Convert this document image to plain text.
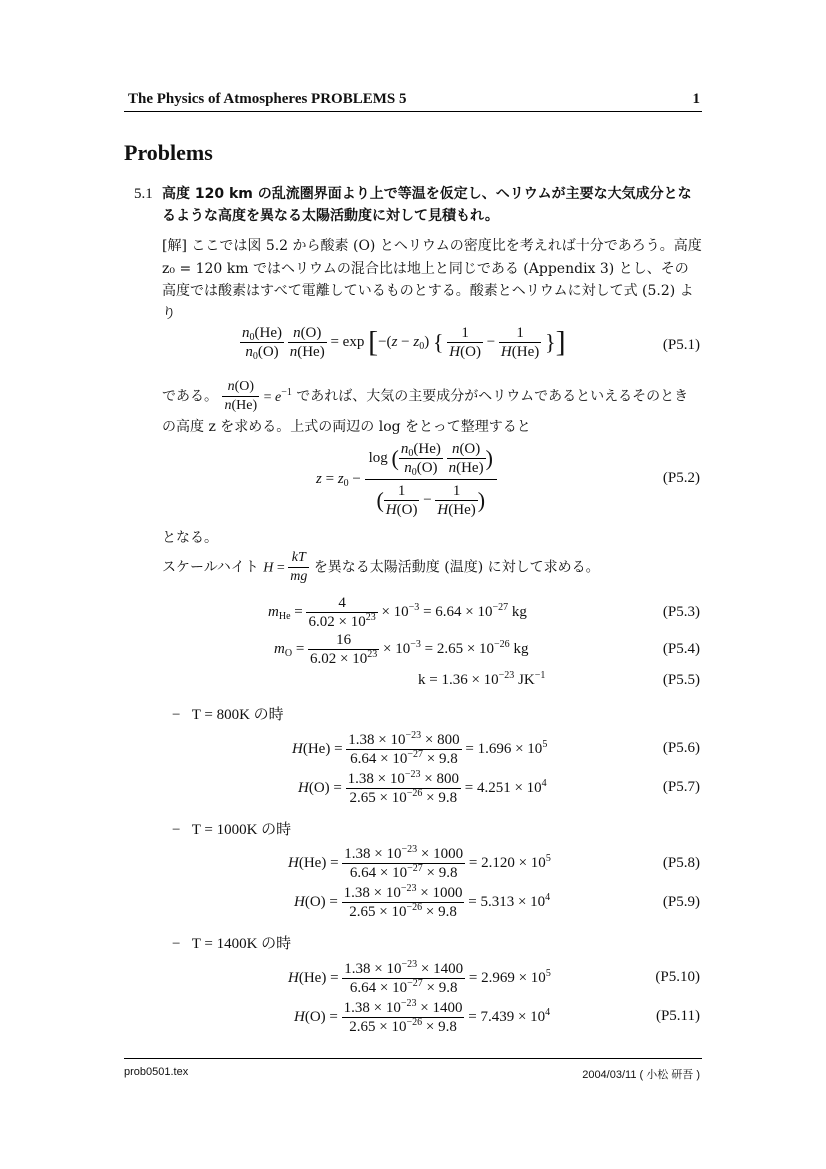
The Physics of Atmospheres PROBLEMS 5	1
Problems
5.1 高度 120 km の乱流圏界面より上で等温を仮定し、ヘリウムが主要な大気成分となるような高度を異なる太陽活動度に対して見積もれ。
[解] ここでは図 5.2 から酸素 (O) とヘリウムの密度比を考えれば十分であろう。高度 z₀ = 120 km ではヘリウムの混合比は地上と同じである (Appendix 3) とし、その高度では酸素はすべて電離しているものとする。酸素とヘリウムに対して式 (5.2) より
$\frac{n_0(He)}{n_0(O)}$
$\frac{n(O)}{n(He)} = \exp [-(z - z_0)$ { $\frac{1}{H(O)} - \frac{1}{H(He)}$ }]	(P5.1)
である。 $\frac{n(O)}{n(He)} = e^{-1}$ であれば、大気の主要成分がヘリウムであるといえるそのときの高度 z を求める。上式の両辺の log をとって整理すると
$z = z_0 - \log$ ( $\frac{n_0(He)}{n_0(O)}$
$\frac{n(O)}{n(He)}$ )
( $\frac{1}{H(O)} - \frac{1}{H(He)}$ )	(P5.2)
となる。
スケールハイト $H = \frac{kT}{mg}$ を異なる太陽活動度 (温度) に対して求める。
$m_{He} = \frac{4}{6.02 \times 10^{23}} \times 10^{-3} = 6.64 \times 10^{-27}$ kg	(P5.3)
$m_O = \frac{16}{6.02 \times 10^{23}} \times 10^{-3} = 2.65 \times 10^{-26}$ kg	(P5.4)
$k = 1.36 \times 10^{-23}$ $JK^{-1}$	(P5.5)
−   T = 800K の時
$H(He) = \frac{1.38 \times 10^{-23} \times 800}{6.64 \times 10^{-27} \times 9.8} = 1.696 \times 10^5$	(P5.6)
$H(O) = \frac{1.38 \times 10^{-23} \times 800}{2.65 \times 10^{-26} \times 9.8} = 4.251 \times 10^4$	(P5.7)
−   T = 1000K の時
$H(He) = \frac{1.38 \times 10^{-23} \times 1000}{6.64 \times 10^{-27} \times 9.8} = 2.120 \times 10^5$	(P5.8)
$H(O) = \frac{1.38 \times 10^{-23} \times 1000}{2.65 \times 10^{-26} \times 9.8} = 5.313 \times 10^4$	(P5.9)
−   T = 1400K の時
$H(He) = \frac{1.38 \times 10^{-23} \times 1400}{6.64 \times 10^{-27} \times 9.8} = 2.969 \times 10^5$	(P5.10)
$H(O) = \frac{1.38 \times 10^{-23} \times 1400}{2.65 \times 10^{-26} \times 9.8} = 7.439 \times 10^4$	(P5.11)
prob0501.tex	2004/03/11 ( 小松 研吾 )
